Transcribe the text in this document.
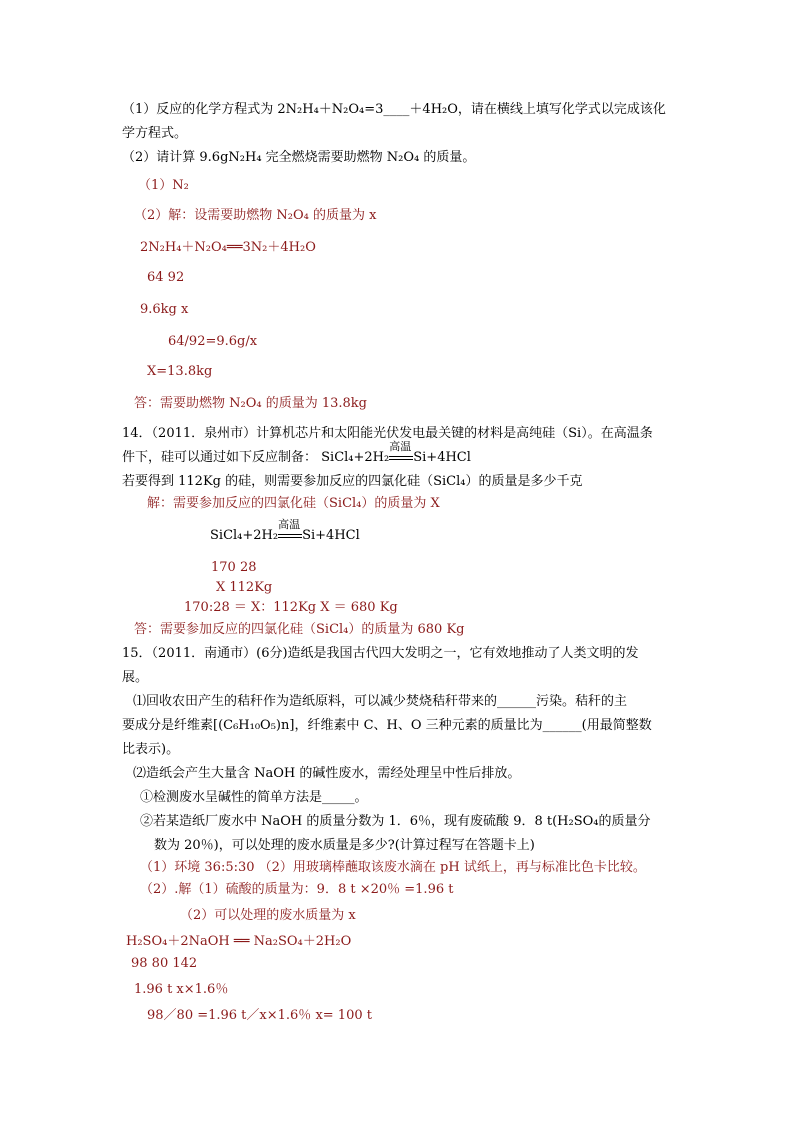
（1）反应的化学方程式为 2N₂H₄＋N₂O₄=3____＋4H₂O，请在横线上填写化学式以完成该化
学方程式。
（2）请计算 9.6gN₂H₄ 完全燃烧需要助燃物 N₂O₄ 的质量。
（1）N₂
（2）解：设需要助燃物 N₂O₄ 的质量为 x
2N₂H₄＋N₂O₄══3N₂＋4H₂O
64 92
9.6kg x
64/92=9.6g/x
X=13.8kg
答：需要助燃物 N₂O₄ 的质量为 13.8kg
14．（2011．泉州市）计算机芯片和太阳能光伏发电最关键的材料是高纯硅（Si）。在高温条
件下，硅可以通过如下反应制备： SiCl₄+2H₂
高温
Si+4HCl
若要得到 112Kg 的硅，则需要参加反应的四氯化硅（SiCl₄）的质量是多少千克
解：需要参加反应的四氯化硅（SiCl₄）的质量为 X
SiCl₄+2H₂
高温
Si+4HCl
170 28
X 112Kg
170:28 ＝ X：112Kg X ＝ 680 Kg
答：需要参加反应的四氯化硅（SiCl₄）的质量为 680 Kg
15．（2011．南通市）(6分)造纸是我国古代四大发明之一，它有效地推动了人类文明的发
展。
⑴回收农田产生的秸秆作为造纸原料，可以减少焚烧秸秆带来的______污染。秸秆的主
要成分是纤维素[(C₆H₁₀O₅)n]，纤维素中 C、H、O 三种元素的质量比为______(用最简整数
比表示)。
⑵造纸会产生大量含 NaOH 的碱性废水，需经处理呈中性后排放。
①检测废水呈碱性的简单方法是_____。
②若某造纸厂废水中 NaOH 的质量分数为 1．6％，现有废硫酸 9．8 t(H₂SO₄的质量分
数为 20％)，可以处理的废水质量是多少?(计算过程写在答题卡上)
（1）环境 36:5:30 （2）用玻璃棒蘸取该废水滴在 pH 试纸上，再与标准比色卡比较。
（2）.解（1）硫酸的质量为：9．8 t ×20％ =1.96 t
（2）可以处理的废水质量为 x
H₂SO₄＋2NaOH ══ Na₂SO₄＋2H₂O
98 80 142
1.96 t x×1.6％
98／80 =1.96 t／x×1.6％ x= 100 t
